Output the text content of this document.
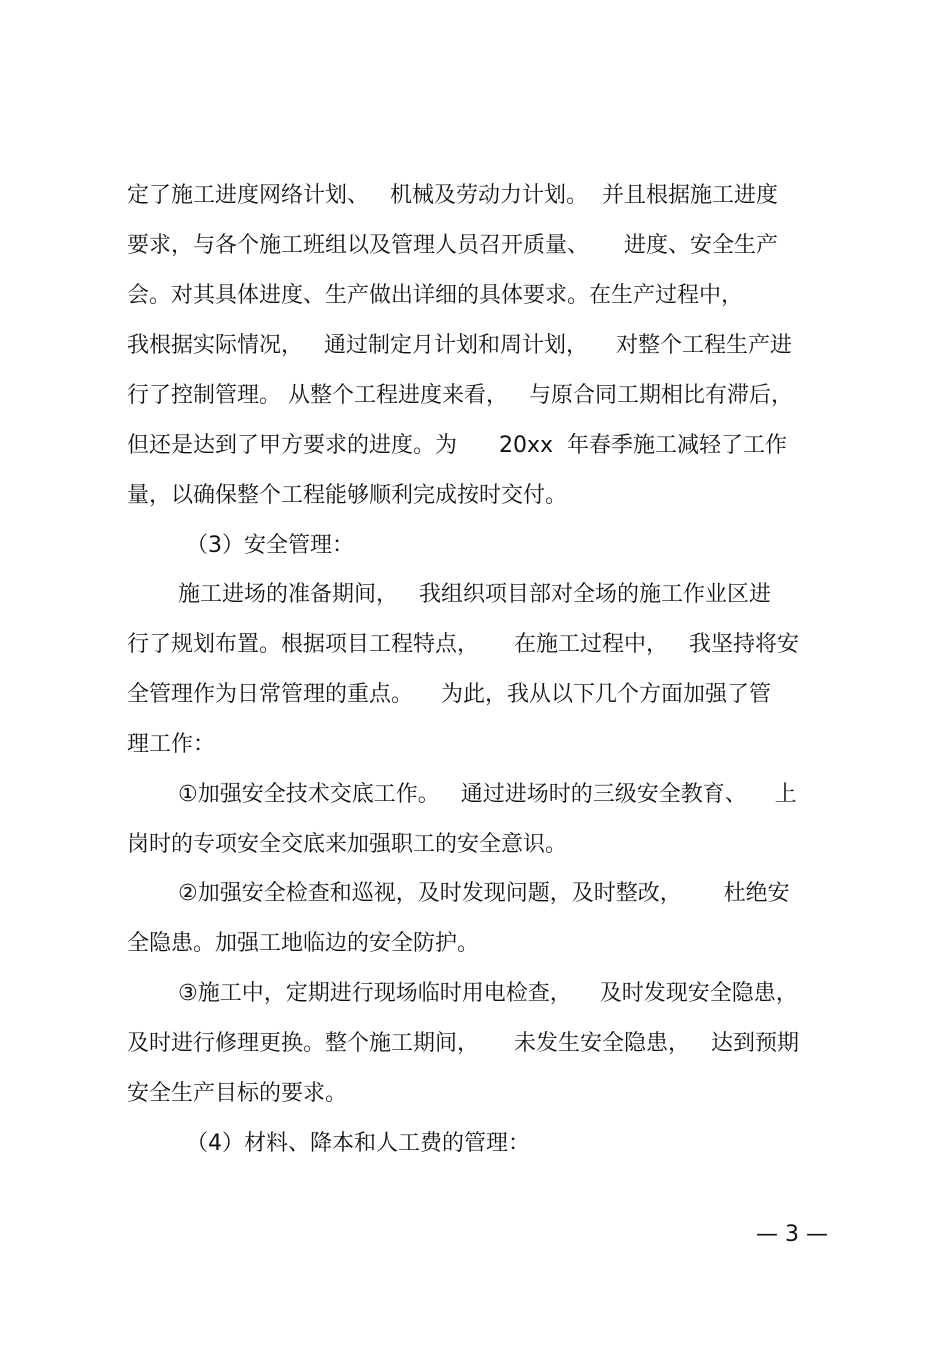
定了施工进度网络计划、   机械及劳动力计划。  并且根据施工进度
要求，与各个施工班组以及管理人员召开质量、     进度、安全生产
会。对其具体进度、生产做出详细的具体要求。在生产过程中，
我根据实际情况，   通过制定月计划和周计划，    对整个工程生产进
行了控制管理。 从整个工程进度来看，   与原合同工期相比有滞后，
但还是达到了甲方要求的进度。为      20xx  年春季施工减轻了工作
量，以确保整个工程能够顺利完成按时交付。
（3）安全管理：
施工进场的准备期间，   我组织项目部对全场的施工作业区进
行了规划布置。根据项目工程特点，     在施工过程中，   我坚持将安
全管理作为日常管理的重点。    为此，我从以下几个方面加强了管
理工作：
①加强安全技术交底工作。   通过进场时的三级安全教育、    上
岗时的专项安全交底来加强职工的安全意识。
②加强安全检查和巡视，及时发现问题，及时整改，      杜绝安
全隐患。加强工地临边的安全防护。
③施工中，定期进行现场临时用电检查，    及时发现安全隐患，
及时进行修理更换。整个施工期间，     未发生安全隐患，   达到预期
安全生产目标的要求。
（4）材料、降本和人工费的管理：
— 3 —
